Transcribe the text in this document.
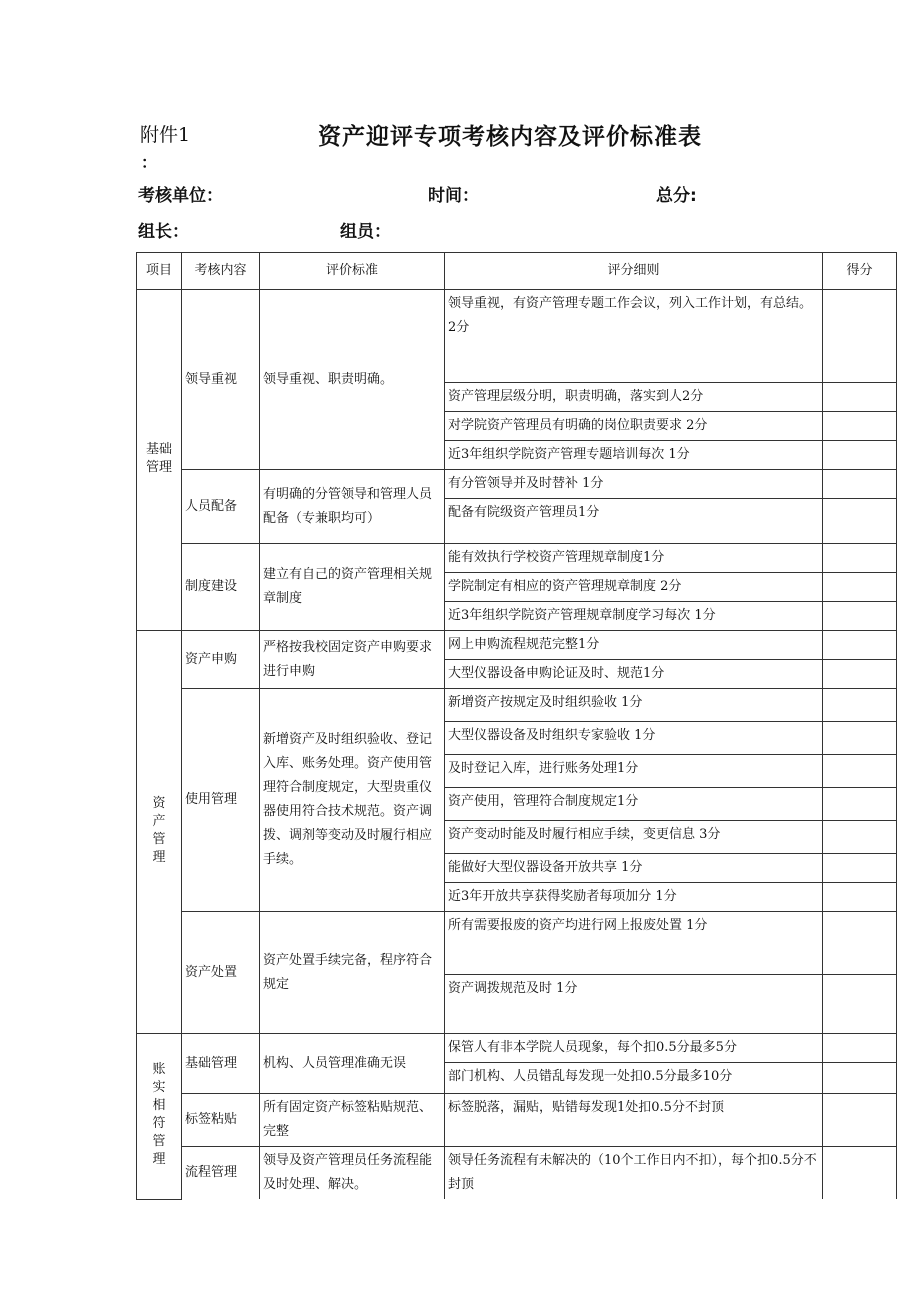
附件1
：
资产迎评专项考核内容及评价标准表
考核单位：	时间：	总分:
组长：	组员：
项目	考核内容	评价标准	评分细则	得分
基础管理	领导重视	领导重视、职责明确。	领导重视，有资产管理专题工作会议，列入工作计划，有总结。2分	
			资产管理层级分明，职责明确，落实到人2分	
			对学院资产管理员有明确的岗位职责要求 2分	
			近3年组织学院资产管理专题培训每次 1分	
	人员配备	有明确的分管领导和管理人员配备（专兼职均可）	有分管领导并及时替补 1分	
			配备有院级资产管理员1分	
	制度建设	建立有自己的资产管理相关规章制度	能有效执行学校资产管理规章制度1分	
			学院制定有相应的资产管理规章制度 2分	
			近3年组织学院资产管理规章制度学习每次 1分	
资产管理	资产申购	严格按我校固定资产申购要求进行申购	网上申购流程规范完整1分	
			大型仪器设备申购论证及时、规范1分	
	使用管理	新增资产及时组织验收、登记入库、账务处理。资产使用管理符合制度规定，大型贵重仪器使用符合技术规范。资产调拨、调剂等变动及时履行相应手续。	新增资产按规定及时组织验收 1分	
			大型仪器设备及时组织专家验收 1分	
			及时登记入库，进行账务处理1分	
			资产使用，管理符合制度规定1分	
			资产变动时能及时履行相应手续，变更信息 3分	
			能做好大型仪器设备开放共享 1分	
			近3年开放共享获得奖励者每项加分 1分	
	资产处置	资产处置手续完备，程序符合规定	所有需要报废的资产均进行网上报废处置 1分	
			资产调拨规范及时 1分	
账实相符管理	基础管理	机构、人员管理准确无误	保管人有非本学院人员现象，每个扣0.5分最多5分	
			部门机构、人员错乱每发现一处扣0.5分最多10分	
	标签粘贴	所有固定资产标签粘贴规范、完整	标签脱落，漏贴，贴错每发现1处扣0.5分不封顶	
	流程管理	领导及资产管理员任务流程能及时处理、解决。	领导任务流程有未解决的（10个工作日内不扣），每个扣0.5分不封顶	
